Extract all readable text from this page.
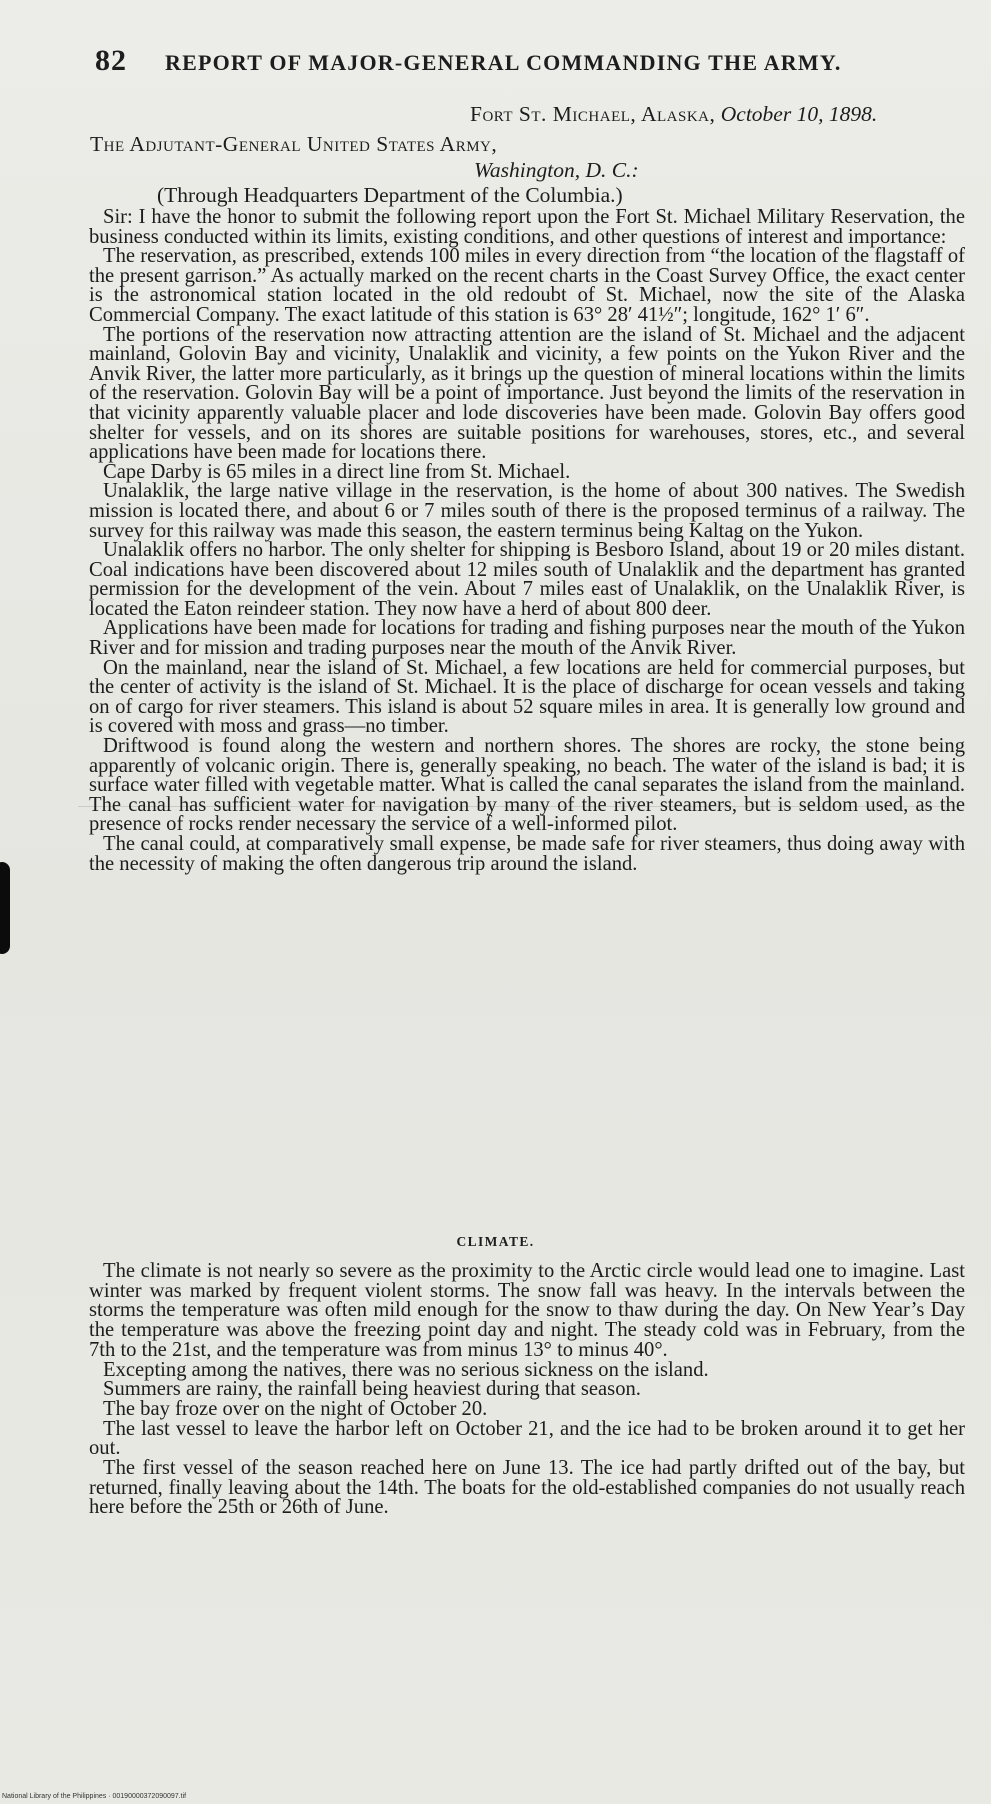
82 REPORT OF MAJOR-GENERAL COMMANDING THE ARMY.
Fort St. Michael, Alaska, October 10, 1898.
The Adjutant-General United States Army,
Washington, D. C.:
(Through Headquarters Department of the Columbia.)

Sir: I have the honor to submit the following report upon the Fort St. Michael Military Reservation, the business conducted within its limits, existing conditions, and other questions of interest and importance:

The reservation, as prescribed, extends 100 miles in every direction from “the location of the flagstaff of the present garrison.” As actually marked on the recent charts in the Coast Survey Office, the exact center is the astronomical station located in the old redoubt of St. Michael, now the site of the Alaska Commercial Company. The exact latitude of this station is 63° 28′ 41½″; longitude, 162° 1′ 6″.

The portions of the reservation now attracting attention are the island of St. Michael and the adjacent mainland, Golovin Bay and vicinity, Unalaklik and vicinity, a few points on the Yukon River and the Anvik River, the latter more particularly, as it brings up the question of mineral locations within the limits of the reservation. Golovin Bay will be a point of importance. Just beyond the limits of the reservation in that vicinity apparently valuable placer and lode discoveries have been made. Golovin Bay offers good shelter for vessels, and on its shores are suitable positions for warehouses, stores, etc., and several applications have been made for locations there.

Cape Darby is 65 miles in a direct line from St. Michael.

Unalaklik, the large native village in the reservation, is the home of about 300 natives. The Swedish mission is located there, and about 6 or 7 miles south of there is the proposed terminus of a railway. The survey for this railway was made this season, the eastern terminus being Kaltag on the Yukon.

Unalaklik offers no harbor. The only shelter for shipping is Besboro Island, about 19 or 20 miles distant. Coal indications have been discovered about 12 miles south of Unalaklik and the department has granted permission for the development of the vein. About 7 miles east of Unalaklik, on the Unalaklik River, is located the Eaton reindeer station. They now have a herd of about 800 deer.

Applications have been made for locations for trading and fishing purposes near the mouth of the Yukon River and for mission and trading purposes near the mouth of the Anvik River.

On the mainland, near the island of St. Michael, a few locations are held for commercial purposes, but the center of activity is the island of St. Michael. It is the place of discharge for ocean vessels and taking on of cargo for river steamers. This island is about 52 square miles in area. It is generally low ground and is covered with moss and grass—no timber.

Driftwood is found along the western and northern shores. The shores are rocky, the stone being apparently of volcanic origin. There is, generally speaking, no beach. The water of the island is bad; it is surface water filled with vegetable matter. What is called the canal separates the island from the mainland. The canal has sufficient water for navigation by many of the river steamers, but is seldom used, as the presence of rocks render necessary the service of a well-informed pilot.

The canal could, at comparatively small expense, be made safe for river steamers, thus doing away with the necessity of making the often dangerous trip around the island.

CLIMATE.

The climate is not nearly so severe as the proximity to the Arctic circle would lead one to imagine. Last winter was marked by frequent violent storms. The snow fall was heavy. In the intervals between the storms the temperature was often mild enough for the snow to thaw during the day. On New Year’s Day the temperature was above the freezing point day and night. The steady cold was in February, from the 7th to the 21st, and the temperature was from minus 13° to minus 40°.

Excepting among the natives, there was no serious sickness on the island.

Summers are rainy, the rainfall being heaviest during that season.

The bay froze over on the night of October 20.

The last vessel to leave the harbor left on October 21, and the ice had to be broken around it to get her out.

The first vessel of the season reached here on June 13. The ice had partly drifted out of the bay, but returned, finally leaving about the 14th. The boats for the old-established companies do not usually reach here before the 25th or 26th of June.

National Library of the Philippines · 00190000372090097.tif
